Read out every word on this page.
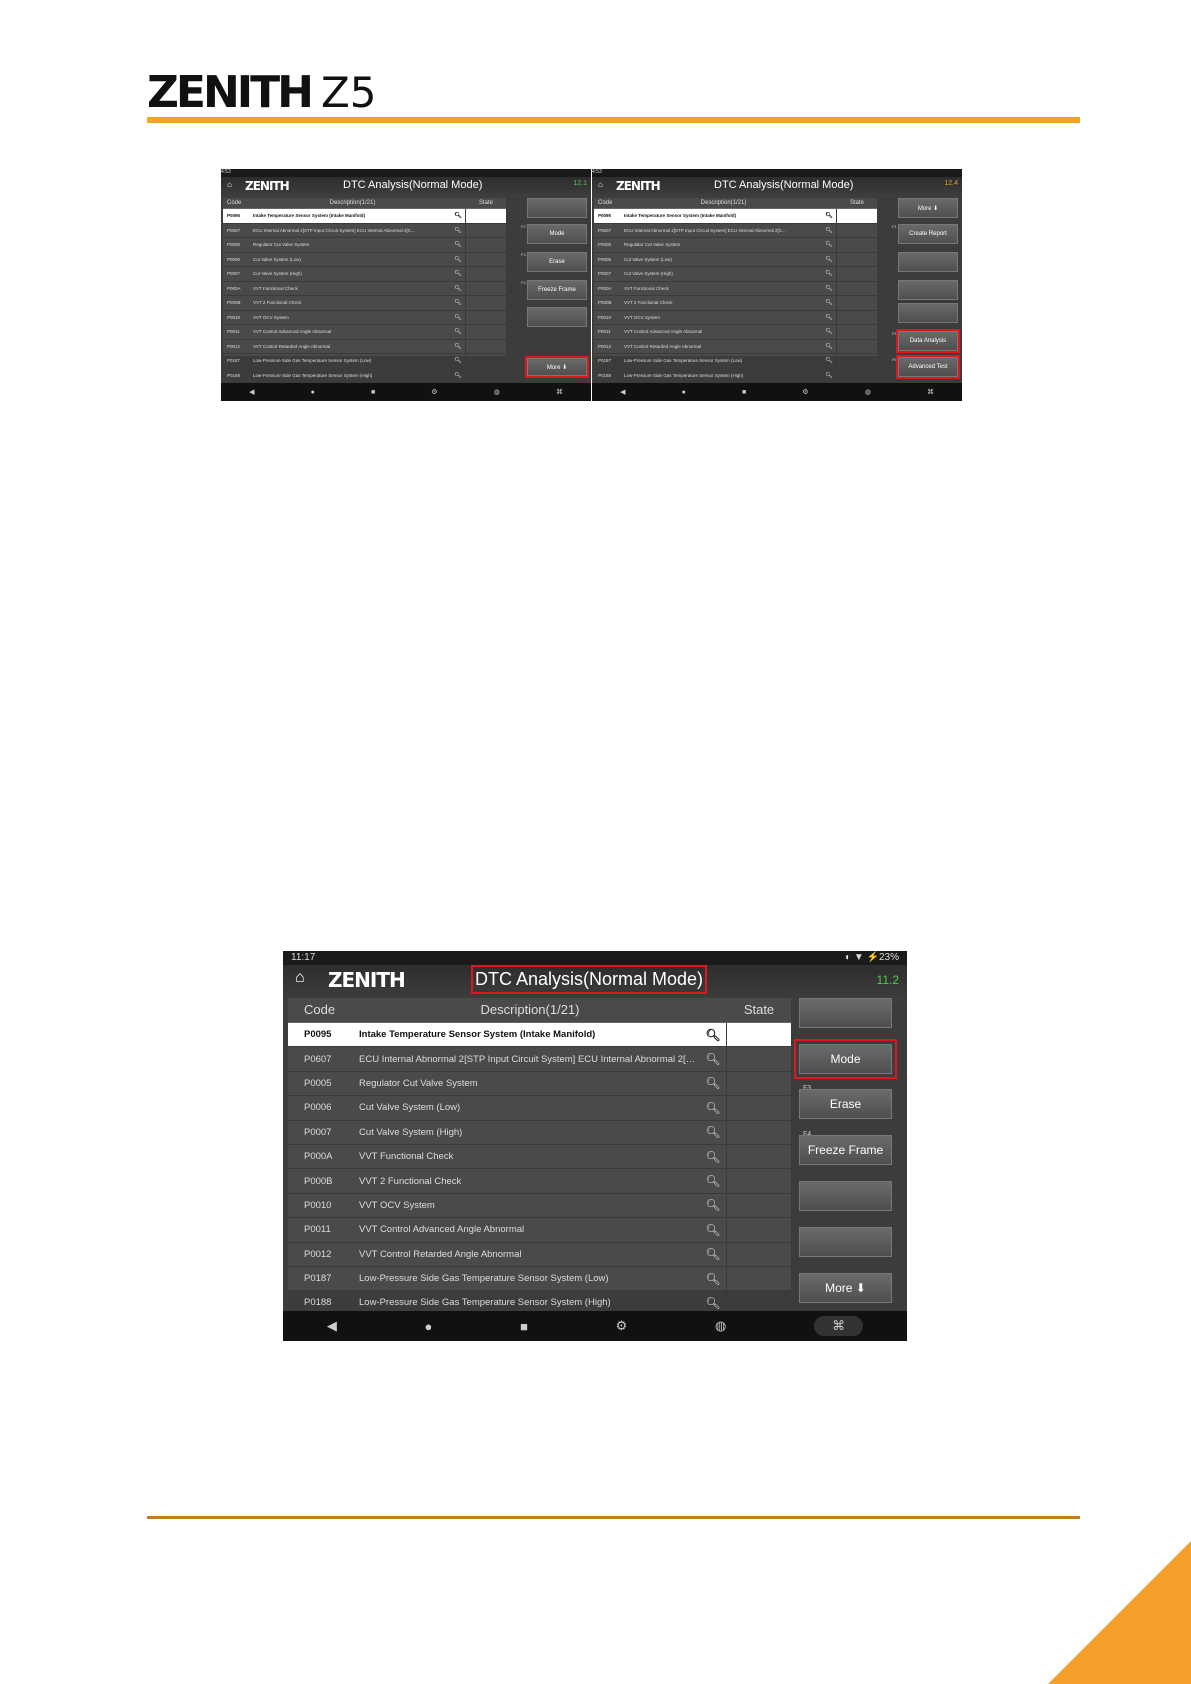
ZENITH Z5
4:53
⌂ ZENITH	DTC Analysis(Normal Mode)	12.1
Code	Description(1/21)	State
P0095	Intake Temperature Sensor System (Intake Manifold)	🔍︎
P0607	ECU Internal Abnormal 2[STP Input Circuit System] ECU Internal Abnormal 2[C...	🔍︎
P0005	Regulator Cut Valve System	🔍︎
P0006	Cut Valve System (Low)	🔍︎
P0007	Cut Valve System (High)	🔍︎
P000A	VVT Functional Check	🔍︎
P000B	VVT 2 Functional Check	🔍︎
P0010	VVT OCV System	🔍︎
P0011	VVT Control Advanced Angle Abnormal	🔍︎
P0012	VVT Control Retarded Angle Abnormal	🔍︎
P0187	Low-Pressure Side Gas Temperature Sensor System (Low)	🔍︎
P0188	Low-Pressure Side Gas Temperature Sensor System (High)	🔍︎
F2
Mode
F3
Erase
F4
Freeze Frame
More ⬇
◀	●	■	⚙	◍	⌘
4:53
⌂ ZENITH	DTC Analysis(Normal Mode)	12.4
Code	Description(1/21)	State
P0095	Intake Temperature Sensor System (Intake Manifold)	🔍︎
P0607	ECU Internal Abnormal 2[STP Input Circuit System] ECU Internal Abnormal 2[C...	🔍︎
P0005	Regulator Cut Valve System	🔍︎
P0006	Cut Valve System (Low)	🔍︎
P0007	Cut Valve System (High)	🔍︎
P000A	VVT Functional Check	🔍︎
P000B	VVT 2 Functional Check	🔍︎
P0010	VVT OCV System	🔍︎
P0011	VVT Control Advanced Angle Abnormal	🔍︎
P0012	VVT Control Retarded Angle Abnormal	🔍︎
P0187	Low-Pressure Side Gas Temperature Sensor System (Low)	🔍︎
P0188	Low-Pressure Side Gas Temperature Sensor System (High)	🔍︎
More ⬇
F1
Create Report
F5
Data Analysis
F6
Advanced Test
◀	●	■	⚙	◍	⌘
11:17	◐ ▼ ⚡23%
⌂ ZENITH	DTC Analysis(Normal Mode)	11.2
Code	Description(1/21)	State
P0095	Intake Temperature Sensor System (Intake Manifold)	🔍︎
P0607	ECU Internal Abnormal 2[STP Input Circuit System] ECU Internal Abnormal 2[C...	🔍︎
P0005	Regulator Cut Valve System	🔍︎
P0006	Cut Valve System (Low)	🔍︎
P0007	Cut Valve System (High)	🔍︎
P000A	VVT Functional Check	🔍︎
P000B	VVT 2 Functional Check	🔍︎
P0010	VVT OCV System	🔍︎
P0011	VVT Control Advanced Angle Abnormal	🔍︎
P0012	VVT Control Retarded Angle Abnormal	🔍︎
P0187	Low-Pressure Side Gas Temperature Sensor System (Low)	🔍︎
P0188	Low-Pressure Side Gas Temperature Sensor System (High)	🔍︎
Mode
Erase
Freeze Frame
More ⬇
◀	●	■	⚙	◍	⌘
